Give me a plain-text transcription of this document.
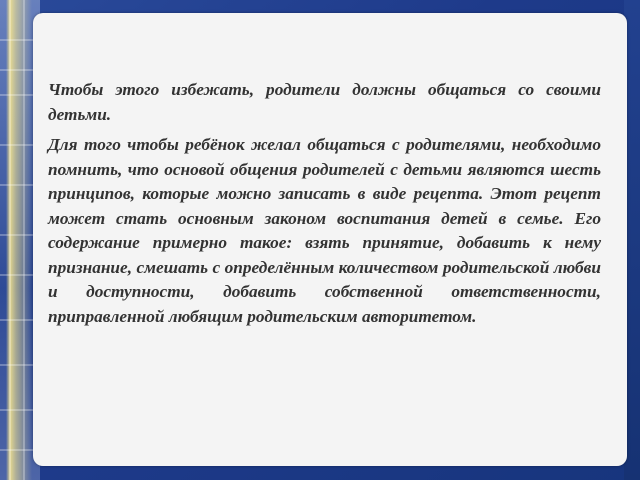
Чтобы этого избежать, родители должны общаться со своими детьми.

Для того чтобы ребёнок желал общаться с родителями, необходимо помнить, что основой общения родителей с детьми являются шесть принципов, которые можно записать в виде рецепта. Этот рецепт может стать основным законом воспитания детей в семье. Его содержание примерно такое: взять принятие, добавить к нему признание, смешать с определённым количеством родительской любви и доступности, добавить собственной ответственности, приправленной любящим родительским авторитетом.
